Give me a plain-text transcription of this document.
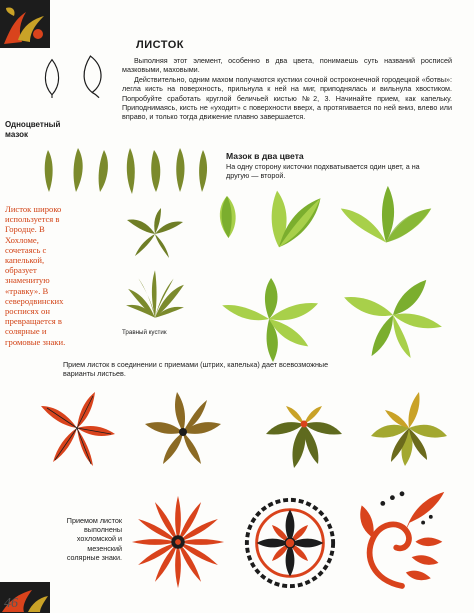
46
ЛИСТОК

Выполняя этот элемент, особенно в два цвета, понимаешь суть названий росписей мазковыми, маховыми.

Действительно, одним махом получаются кустики сочной остроконечной городецкой «ботвы»: легла кисть на поверхность, прильнула к ней на миг, приподнялась и вильнула хвостиком. Попробуйте сработать круглой беличьей кистью №2, 3. Начинайте прием, как капельку. Приподнимаясь, кисть не «уходит» с поверхности вверх, а протягивается по ней вниз, влево или вправо, и только тогда движение плавно завершается.

Одноцветный мазок
Листок широко используется в Городце. В Хохломе, сочетаясь с капелькой, образует знаменитую «травку». В северодвинских росписях он превращается в солярные и громовые знаки.
Травный кустик
Мазок в два цвета
На одну сторону кисточки подхватывается один цвет, а на другую — второй.
Прием листок в соединении с приемами (штрих, капелька) дает всевозможные варианты листьев.
Приемом листок выполнены хохломской и мезенский солярные знаки.
